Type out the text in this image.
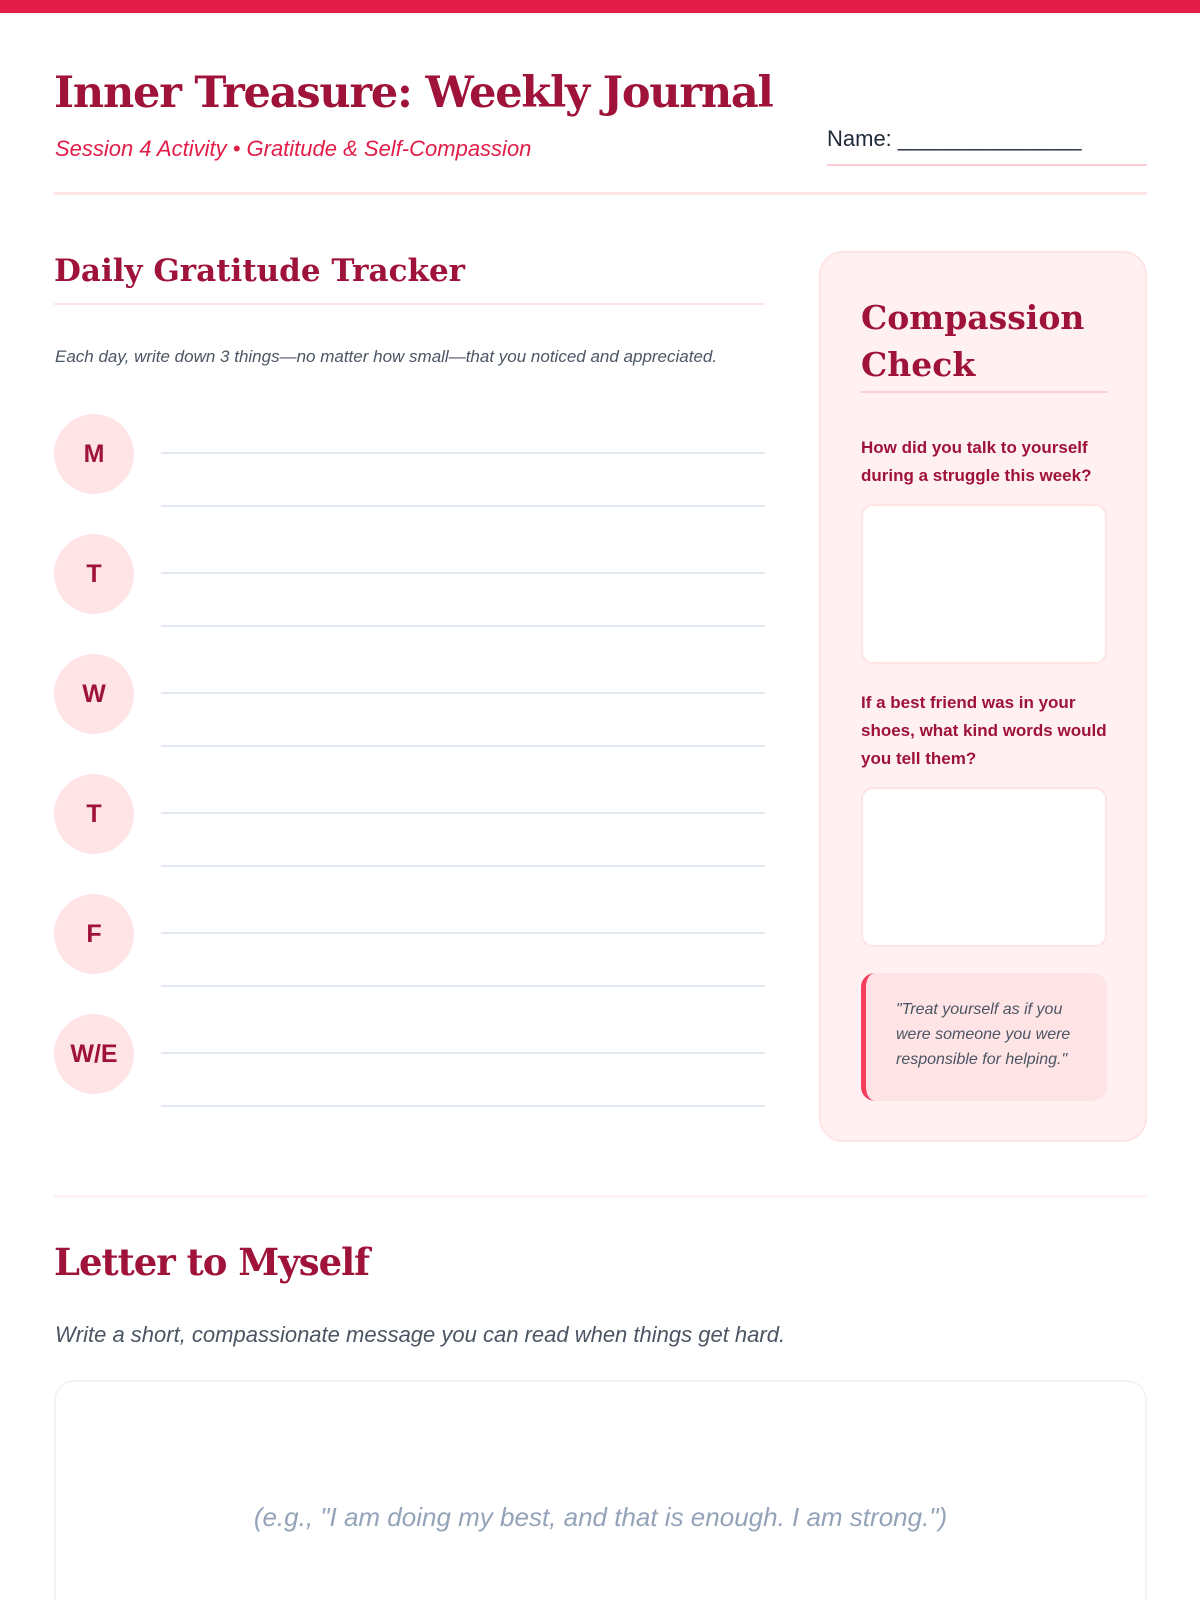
Inner Treasure: Weekly Journal
Session 4 Activity • Gratitude & Self-Compassion	Name: _______________
Daily Gratitude Tracker

Each day, write down 3 things—no matter how small—that you noticed and appreciated.

M
T
W
T
F
W/E
Compassion Check

How did you talk to yourself during a struggle this week?

If a best friend was in your shoes, what kind words would you tell them?

"Treat yourself as if you were someone you were responsible for helping."
Letter to Myself

Write a short, compassionate message you can read when things get hard.

(e.g., "I am doing my best, and that is enough. I am strong.")
